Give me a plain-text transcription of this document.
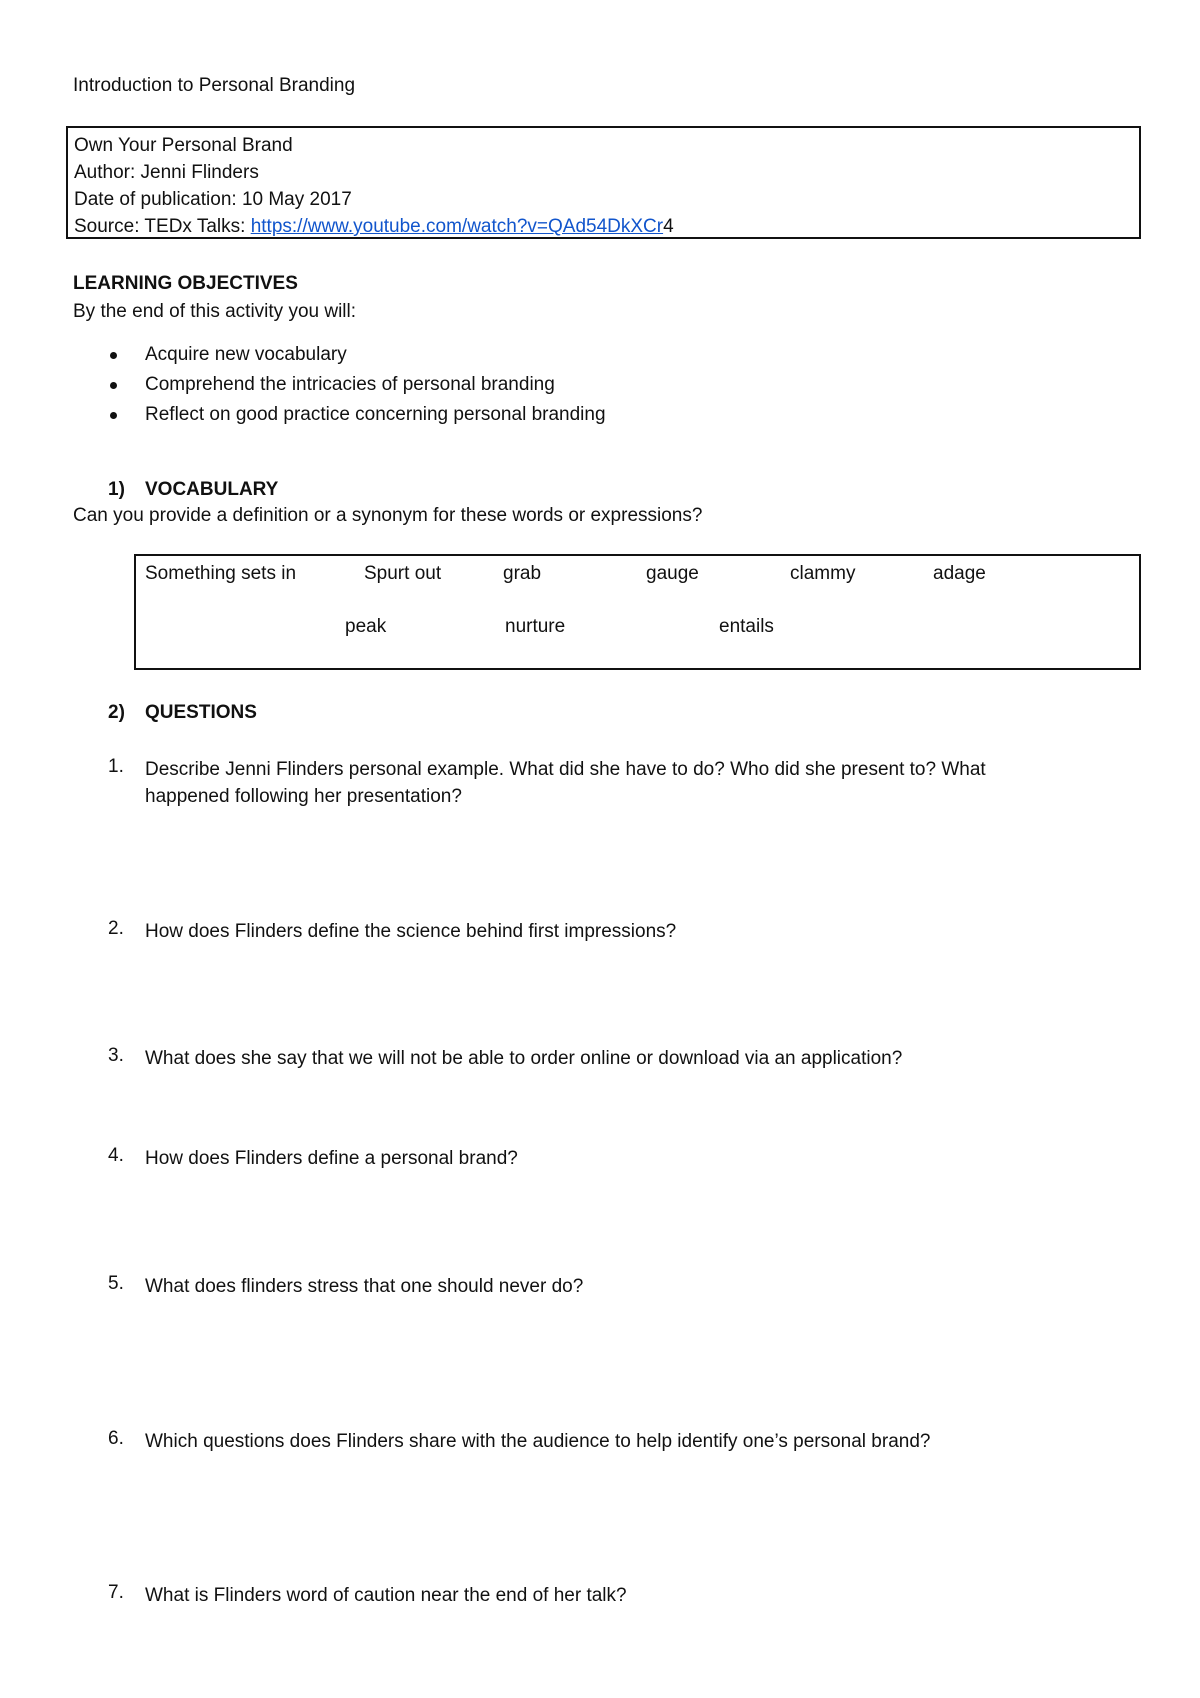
Introduction to Personal Branding
Own Your Personal Brand
Author: Jenni Flinders
Date of publication: 10 May 2017
Source: TEDx Talks: https://www.youtube.com/watch?v=QAd54DkXCr4
LEARNING OBJECTIVES
By the end of this activity you will:
Acquire new vocabulary
Comprehend the intricacies of personal branding
Reflect on good practice concerning personal branding
1) VOCABULARY
Can you provide a definition or a synonym for these words or expressions?
Something sets in	Spurt out	grab	gauge	clammy	adage
peak	nurture	entails
2) QUESTIONS
1. Describe Jenni Flinders personal example. What did she have to do? Who did she present to? What happened following her presentation?
2. How does Flinders define the science behind first impressions?
3. What does she say that we will not be able to order online or download via an application?
4. How does Flinders define a personal brand?
5. What does flinders stress that one should never do?
6. Which questions does Flinders share with the audience to help identify one’s personal brand?
7. What is Flinders word of caution near the end of her talk?
